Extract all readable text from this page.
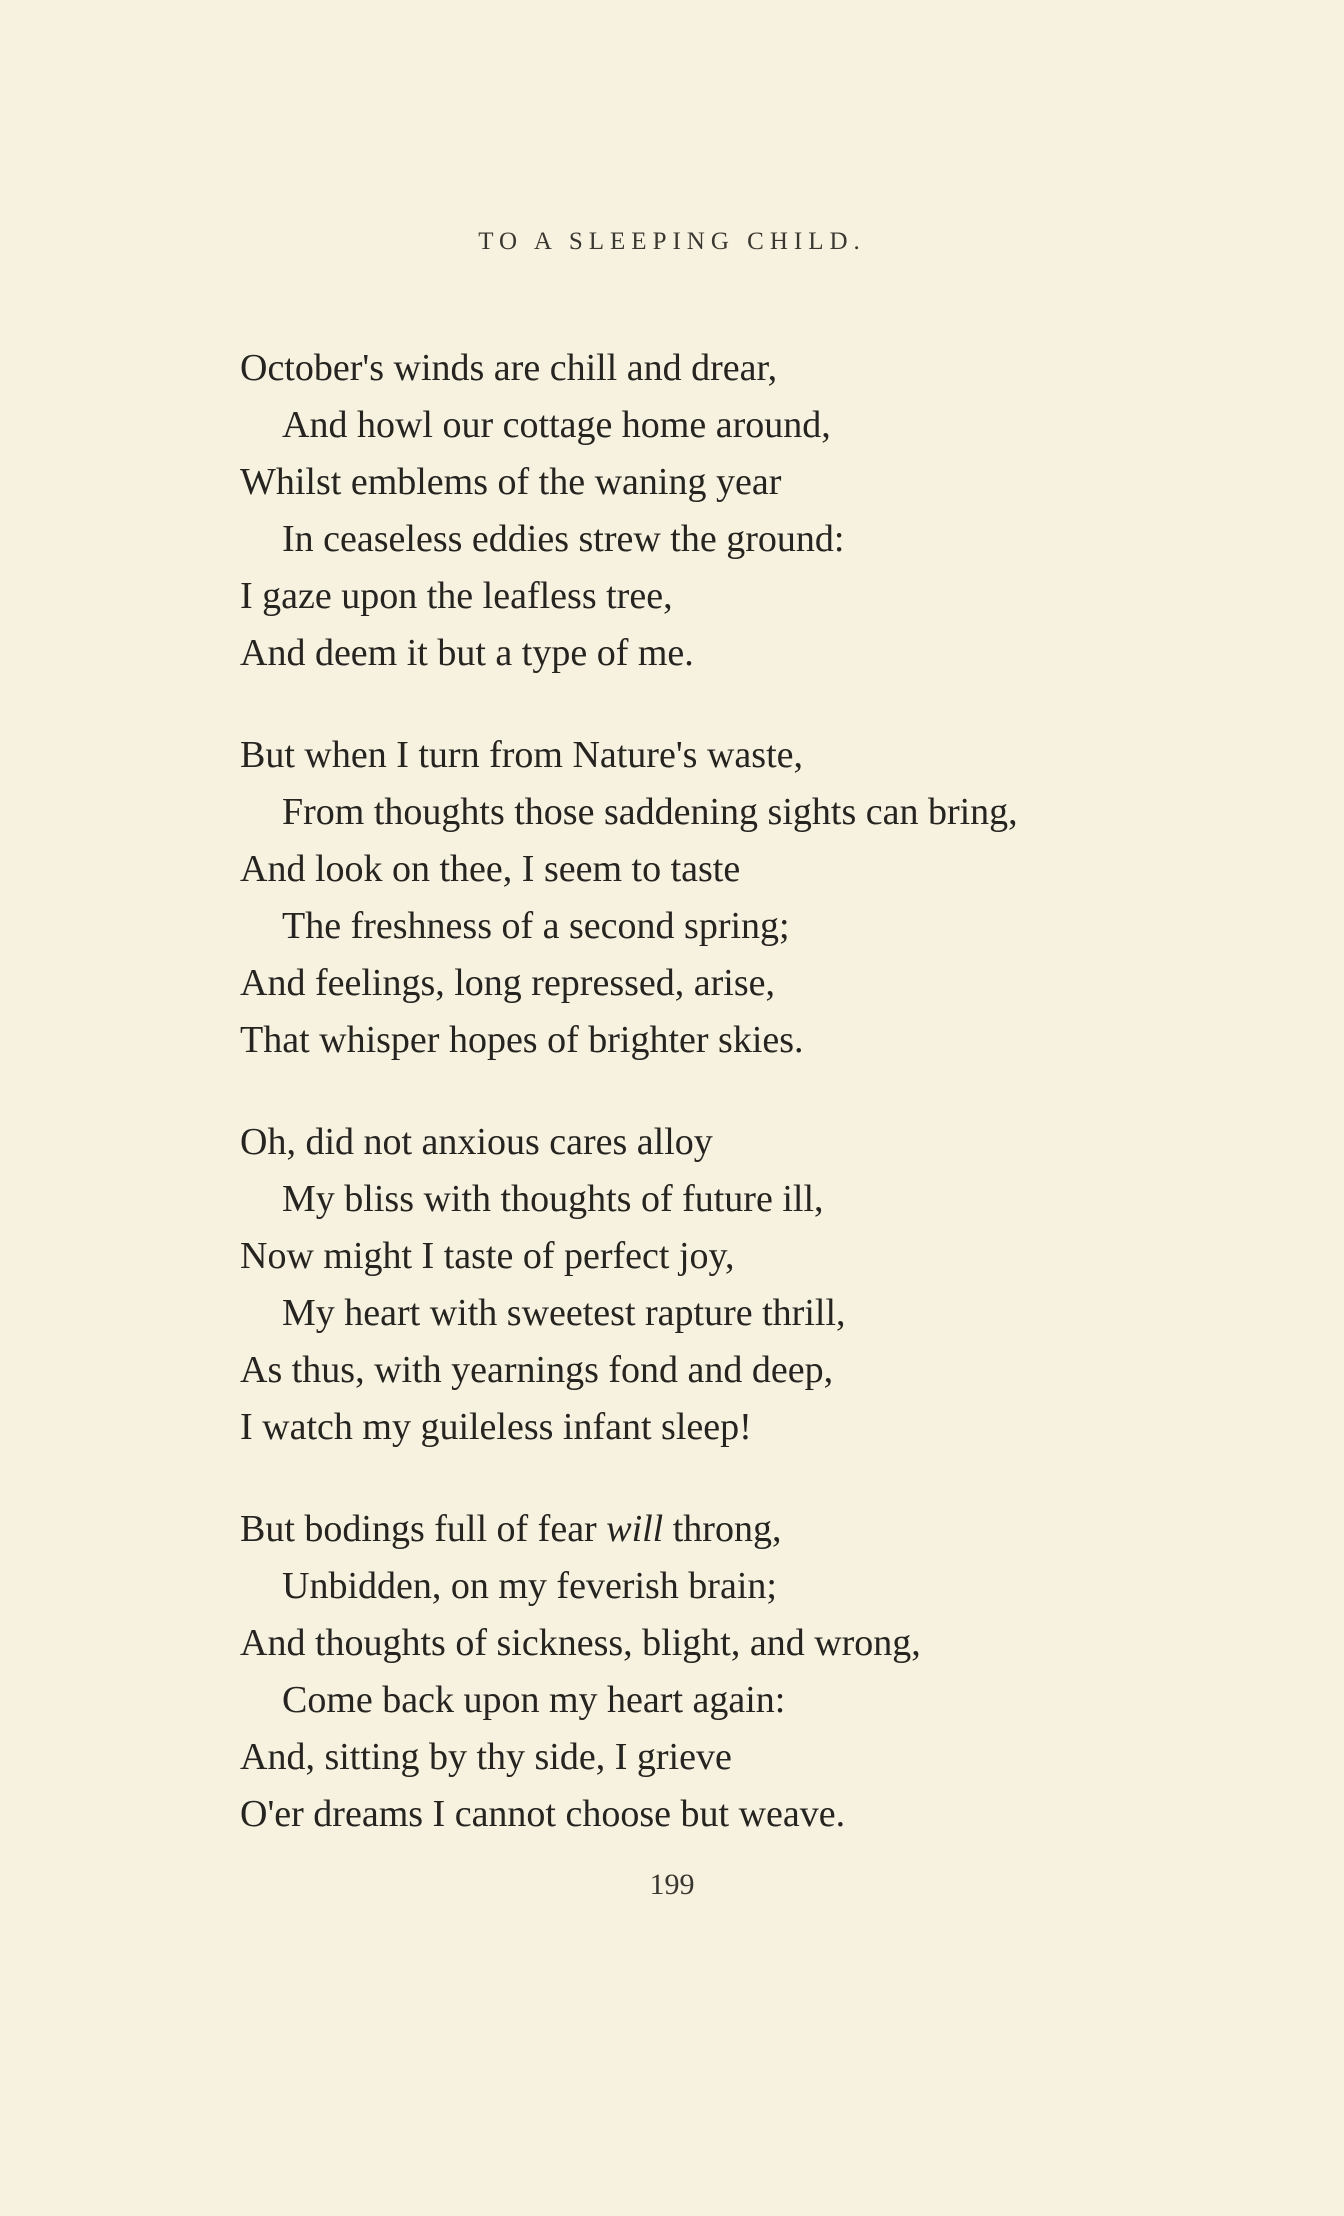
TO A SLEEPING CHILD.
October's winds are chill and drear,
And howl our cottage home around,
Whilst emblems of the waning year
In ceaseless eddies strew the ground:
I gaze upon the leafless tree,
And deem it but a type of me.
But when I turn from Nature's waste,
From thoughts those saddening sights can bring,
And look on thee, I seem to taste
The freshness of a second spring;
And feelings, long repressed, arise,
That whisper hopes of brighter skies.
Oh, did not anxious cares alloy
My bliss with thoughts of future ill,
Now might I taste of perfect joy,
My heart with sweetest rapture thrill,
As thus, with yearnings fond and deep,
I watch my guileless infant sleep!
But bodings full of fear will throng,
Unbidden, on my feverish brain;
And thoughts of sickness, blight, and wrong,
Come back upon my heart again:
And, sitting by thy side, I grieve
O'er dreams I cannot choose but weave.
199
